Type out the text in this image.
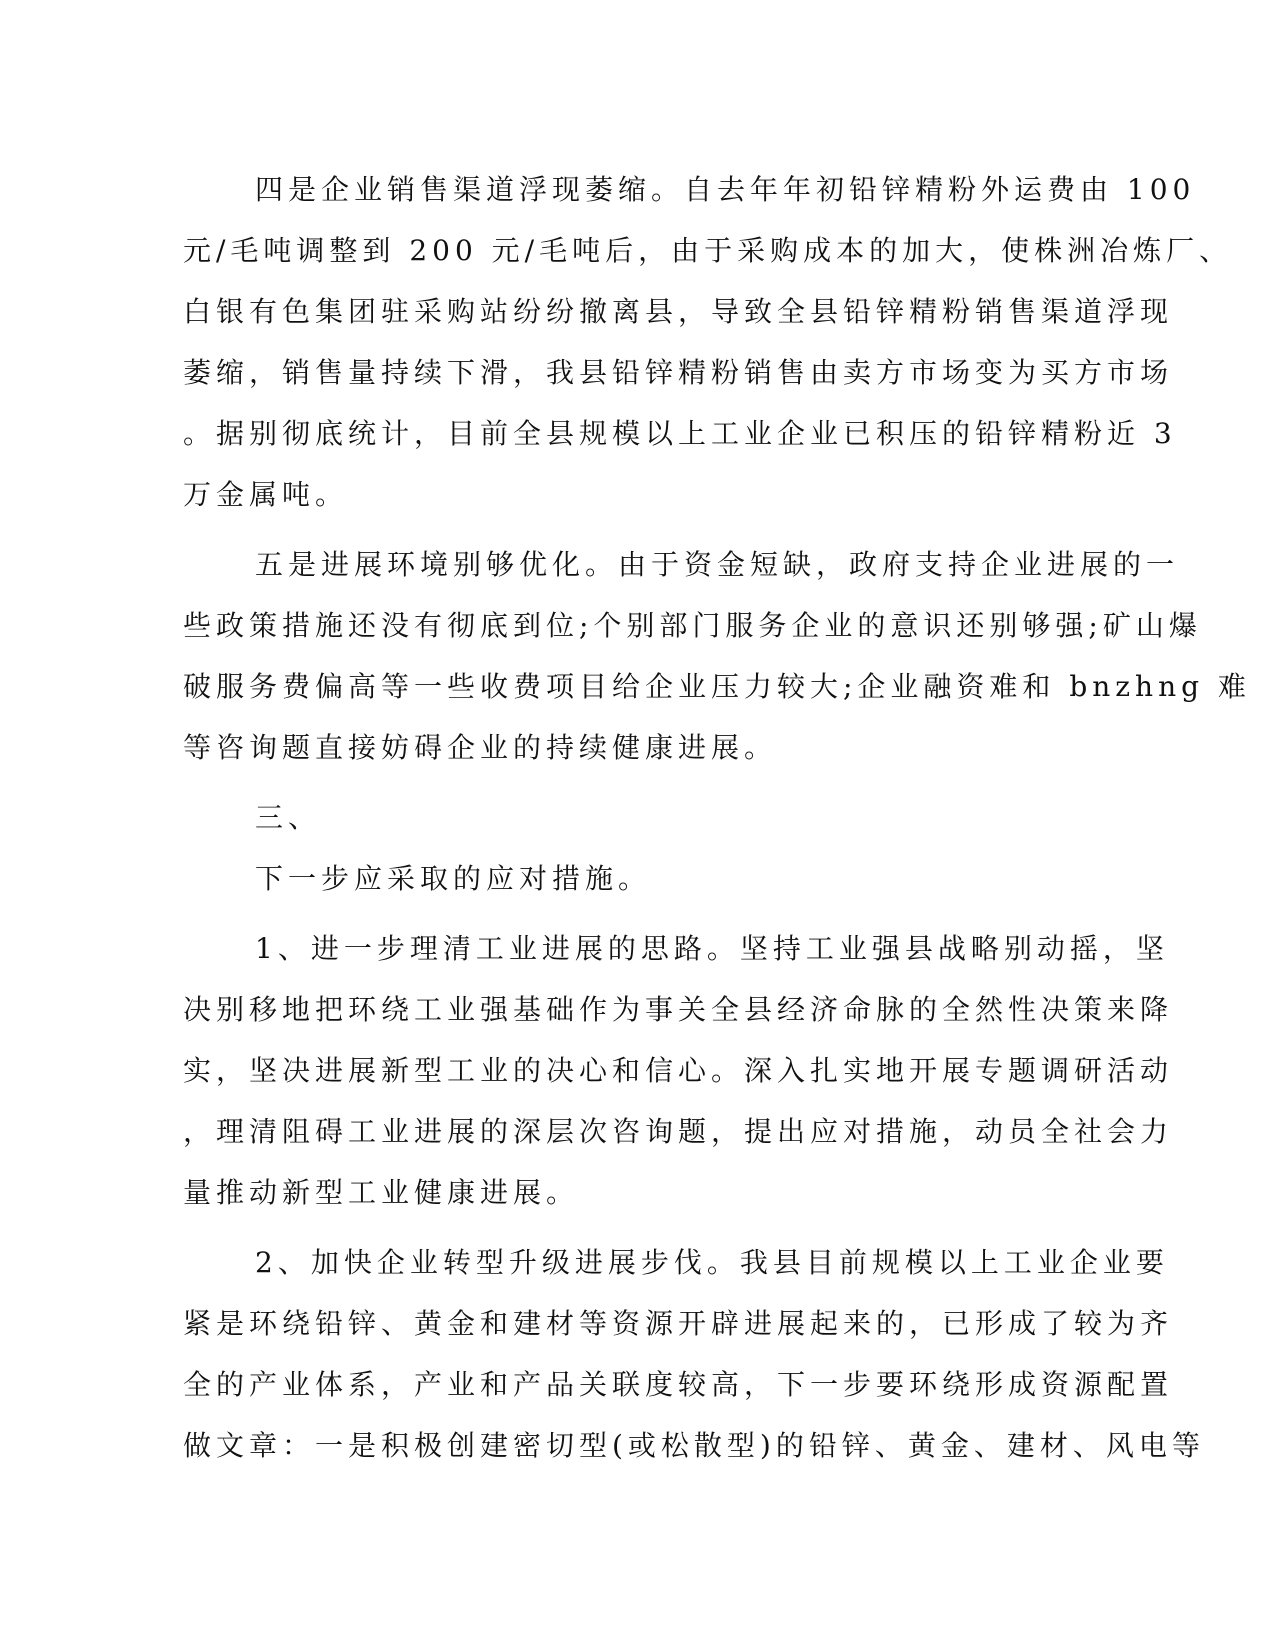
四是企业销售渠道浮现萎缩。自去年年初铅锌精粉外运费由 100
元/毛吨调整到 200 元/毛吨后，由于采购成本的加大，使株洲冶炼厂、
白银有色集团驻采购站纷纷撤离县，导致全县铅锌精粉销售渠道浮现
萎缩，销售量持续下滑，我县铅锌精粉销售由卖方市场变为买方市场
。据别彻底统计，目前全县规模以上工业企业已积压的铅锌精粉近 3
万金属吨。
五是进展环境别够优化。由于资金短缺，政府支持企业进展的一
些政策措施还没有彻底到位;个别部门服务企业的意识还别够强;矿山爆
破服务费偏高等一些收费项目给企业压力较大;企业融资难和 bnzhng 难
等咨询题直接妨碍企业的持续健康进展。
三、
下一步应采取的应对措施。
1、进一步理清工业进展的思路。坚持工业强县战略别动摇，坚
决别移地把环绕工业强基础作为事关全县经济命脉的全然性决策来降
实，坚决进展新型工业的决心和信心。深入扎实地开展专题调研活动
，理清阻碍工业进展的深层次咨询题，提出应对措施，动员全社会力
量推动新型工业健康进展。
2、加快企业转型升级进展步伐。我县目前规模以上工业企业要
紧是环绕铅锌、黄金和建材等资源开辟进展起来的，已形成了较为齐
全的产业体系，产业和产品关联度较高，下一步要环绕形成资源配置
做文章：一是积极创建密切型(或松散型)的铅锌、黄金、建材、风电等
